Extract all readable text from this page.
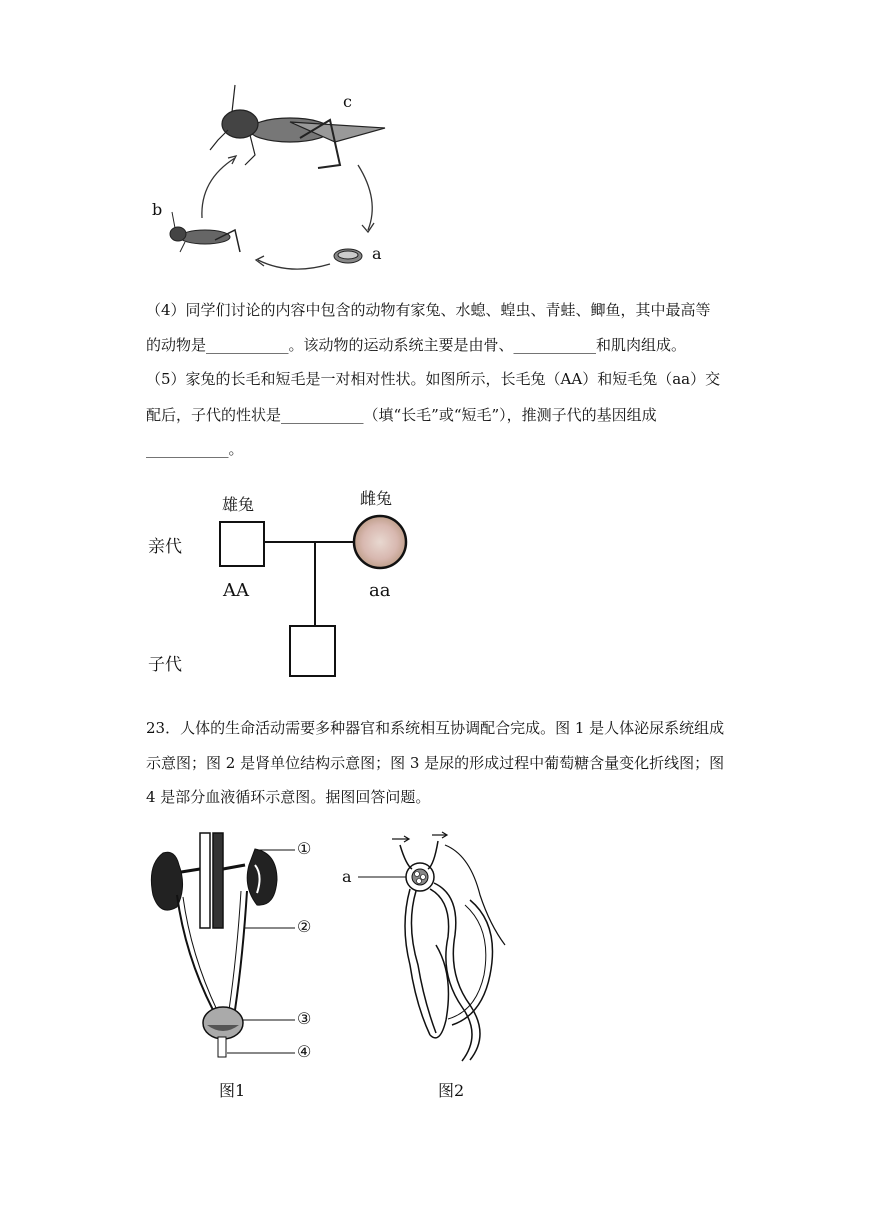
c
b
a
（4）同学们讨论的内容中包含的动物有家兔、水螅、蝗虫、青蛙、鲫鱼，其中最高等
的动物是___________。该动物的运动系统主要是由骨、___________和肌肉组成。
（5）家兔的长毛和短毛是一对相对性状。如图所示，长毛兔（AA）和短毛兔（aa）交
配后，子代的性状是___________（填“长毛”或“短毛”），推测子代的基因组成
___________。
雄兔	雌兔
亲代
子代
AA	aa
23．人体的生命活动需要多种器官和系统相互协调配合完成。图 1 是人体泌尿系统组成
示意图；图 2 是肾单位结构示意图；图 3 是尿的形成过程中葡萄糖含量变化折线图；图
4 是部分血液循环示意图。据图回答问题。
①
②
③
④
图1
a
图2
